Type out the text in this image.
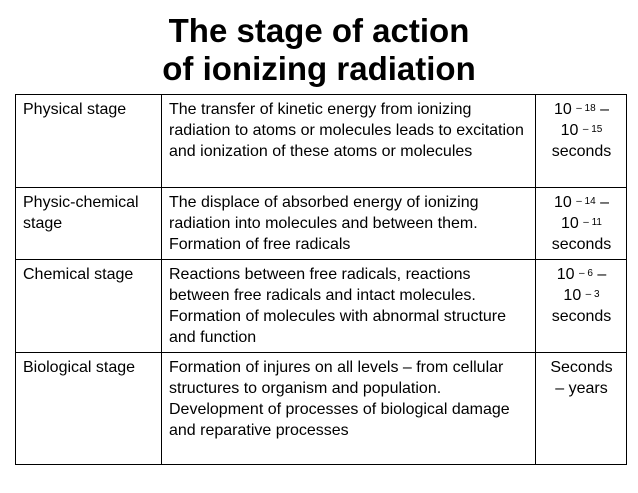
The stage of action
of ionizing radiation
Physical stage	The transfer of kinetic energy from ionizing radiation to atoms or molecules leads to excitation and ionization of these atoms or molecules	10 $^{- 18}$ –
10 $^{- 15}$
seconds

Physic-chemical stage	The displace of absorbed energy of ionizing radiation into molecules and between them.
Formation of free radicals	10 $^{- 14}$ –
10 $^{- 11}$
seconds

Chemical stage	Reactions between free radicals, reactions between free radicals and intact molecules.
Formation of molecules with abnormal structure and function	10 $^{- 6}$ –
10 $^{- 3}$
seconds

Biological stage	Formation of injures on all levels – from cellular structures to organism and population.
Development of processes of biological damage and reparative processes	Seconds
– years
